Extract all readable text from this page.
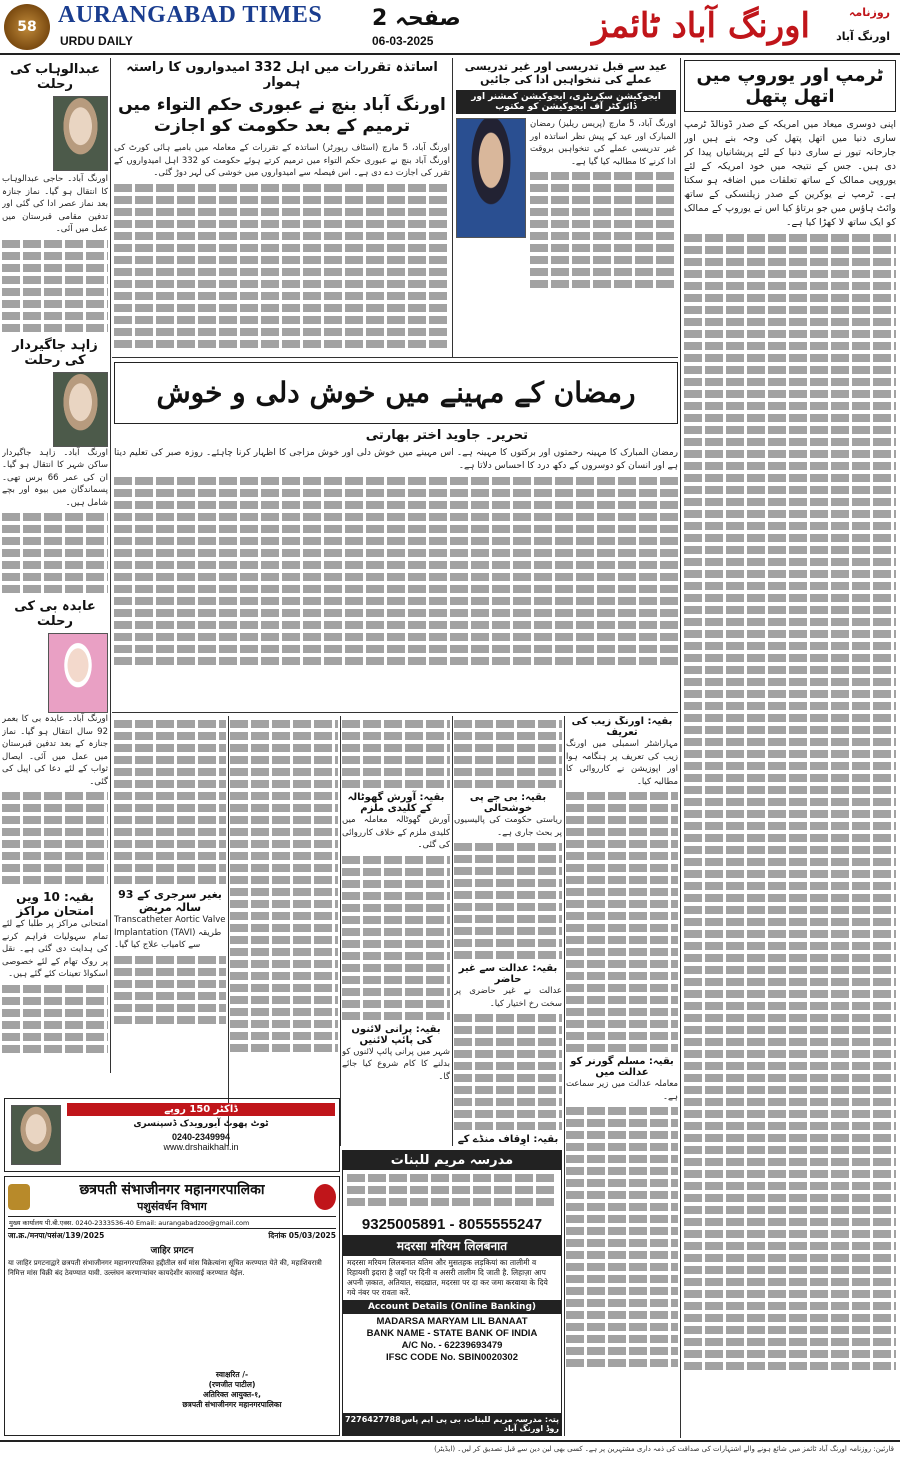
58 AURANGABAD TIMES
URDU DAILY
صفحہ 2
06-03-2025
روزنامہ
اورنگ آباد ٹائمز اورنگ آباد
عبدالوہاب کی رحلت
اورنگ آباد۔ حاجی عبدالوہاب کا انتقال ہو گیا۔ نماز جنازہ بعد نماز عصر ادا کی گئی اور تدفین مقامی قبرستان میں عمل میں آئی۔
زاہد جاگیردار کی رحلت
اورنگ آباد۔ زاہد جاگیردار ساکن شہر کا انتقال ہو گیا۔ ان کی عمر 66 برس تھی۔ پسماندگان میں بیوہ اور بچے شامل ہیں۔
عابدہ بی کی رحلت
اورنگ آباد۔ عابدہ بی کا بعمر 92 سال انتقال ہو گیا۔ نماز جنازہ کے بعد تدفین قبرستان میں عمل میں آئی۔ ایصال ثواب کے لئے دعا کی اپیل کی گئی۔
بقیہ: 10 ویں امتحان مراکز
امتحانی مراکز پر طلبا کے لئے تمام سہولیات فراہم کرنے کی ہدایت دی گئی ہے۔ نقل پر روک تھام کے لئے خصوصی اسکواڈ تعینات کئے گئے ہیں۔
اساتذہ تقررات میں اہل 332 امیدواروں کا راستہ ہموار
اورنگ آباد بنچ نے عبوری حکم التواء میں ترمیم کے بعد حکومت کو اجازت
اورنگ آباد، 5 مارچ (اسٹاف رپورٹر) اساتذہ کے تقررات کے معاملہ میں بامبے ہائی کورٹ کی اورنگ آباد بنچ نے عبوری حکم التواء میں ترمیم کرتے ہوئے حکومت کو 332 اہل امیدواروں کے تقرر کی اجازت دے دی ہے۔ اس فیصلہ سے امیدواروں میں خوشی کی لہر دوڑ گئی۔
عید سے قبل تدریسی اور غیر تدریسی عملے کی تنخواہیں ادا کی جائیں
ایجوکیشن سکریٹری، ایجوکیشن کمشنر اور ڈائرکٹر آف ایجوکیشن کو مکتوب
اورنگ آباد، 5 مارچ (پریس ریلیز) رمضان المبارک اور عید کے پیش نظر اساتذہ اور غیر تدریسی عملے کی تنخواہیں بروقت ادا کرنے کا مطالبہ کیا گیا ہے۔
ٹرمپ اور یوروپ میں اتھل پتھل
اپنی دوسری میعاد میں امریکہ کے صدر ڈونالڈ ٹرمپ ساری دنیا میں اتھل پتھل کی وجہ بنے ہیں اور جارحانہ تیور نے ساری دنیا کے لئے پریشانیاں پیدا کر دی ہیں۔ جس کے نتیجہ میں خود امریکہ کے لئے یوروپی ممالک کے ساتھ تعلقات میں اضافہ ہو سکتا ہے۔ ٹرمپ نے یوکرین کے صدر زیلنسکی کے ساتھ وائٹ ہاؤس میں جو برتاؤ کیا اس نے یوروپ کے ممالک کو ایک ساتھ لا کھڑا کیا ہے۔
رمضان کے مہینے میں خوش دلی و خوش
تحریر۔ جاوید اختر بھارتی
رمضان المبارک کا مہینہ رحمتوں اور برکتوں کا مہینہ ہے۔ اس مہینے میں خوش دلی اور خوش مزاجی کا اظہار کرنا چاہئے۔ روزہ صبر کی تعلیم دیتا ہے اور انسان کو دوسروں کے دکھ درد کا احساس دلاتا ہے۔
بقیہ: اورنگ زیب کی تعریف
مہاراشٹر اسمبلی میں اورنگ زیب کی تعریف پر ہنگامہ ہوا اور اپوزیشن نے کارروائی کا مطالبہ کیا۔
بقیہ: مسلم گورنر کو عدالت میں
معاملہ عدالت میں زیر سماعت ہے۔
بقیہ: بی جے پی خوشحالی
ریاستی حکومت کی پالیسیوں پر بحث جاری ہے۔
بقیہ: عدالت سے غیر حاضر
عدالت نے غیر حاضری پر سخت رخ اختیار کیا۔
بقیہ: اوقاف منڈے کے
بقیہ: آورش گھوٹالہ کے کلیدی ملزم
آورش گھوٹالہ معاملہ میں کلیدی ملزم کے خلاف کارروائی کی گئی۔
بقیہ: پرانی لائنوں کی پائپ لائنیں
شہر میں پرانی پائپ لائنوں کو بدلنے کا کام شروع کیا جائے گا۔
بغیر سرجری کے 93 سالہ مریض
Transcatheter Aortic Valve Implantation (TAVI) طریقہ سے کامیاب علاج کیا گیا۔
مدرسہ مریم للبنات
9325005891 - 8055555247
मदरसा मरियम लिलबनात
मदरसा मरियम लिलबनात यतिम और मुसतहक लड़कियां का तालीमी व रिहायशी इदारा है जहाँ पर दिनी व असरी तालीम दि जाती है. लिहाज़ा आप अपनी ज़कात, अतियात, सदख़ात, मदरसा पर दा कर जमा करवाया के दिये गये नंबर पर रावता करें.
Account Details (Online Banking)
MADARSA MARYAM LIL BANAAT
BANK NAME - STATE BANK OF INDIA
A/C No. - 62239693479
IFSC CODE No. SBIN0020302
7276427788 پتہ: مدرسہ مریم للبنات، بی پی ایم پاس روڈ اورنگ آباد
ڈاکٹر 150 روپے
ٹوٹ پھوٹ آیورویدک ڈسپنسری
0240-2349994
www.drshaikhah.in
छत्रपती संभाजीनगर महानगरपालिका
पशुसंवर्धन विभाग
मुख्य कार्यालय पी.बी.एक्स. 0240-2333536-40 Email: aurangabadzoo@gmail.com
जा.क्र./मनपा/पसंअ/139/2025	दिनांक 05/03/2025
जाहिर प्रगटन
या जाहिर प्रगटनाद्वारे छत्रपती संभाजीनगर महानगरपालिका हद्दीतील सर्व मांस विक्रेत्यांना सूचित करण्यात येते की, महाशिवरात्री निमित्त मांस विक्री बंद ठेवण्यात यावी. उल्लंघन करणाऱ्यांवर कायदेशीर कारवाई करण्यात येईल.
स्वाक्षरित /-
(रणजीत पाटील)
अतिरिक्त आयुक्त-१,
छत्रपती संभाजीनगर महानगरपालिका
قارئین: روزنامہ اورنگ آباد ٹائمز میں شائع ہونے والے اشتہارات کی صداقت کی ذمہ داری مشتہرین پر ہے۔ کسی بھی لین دین سے قبل تصدیق کر لیں۔ (ایڈیٹر)
